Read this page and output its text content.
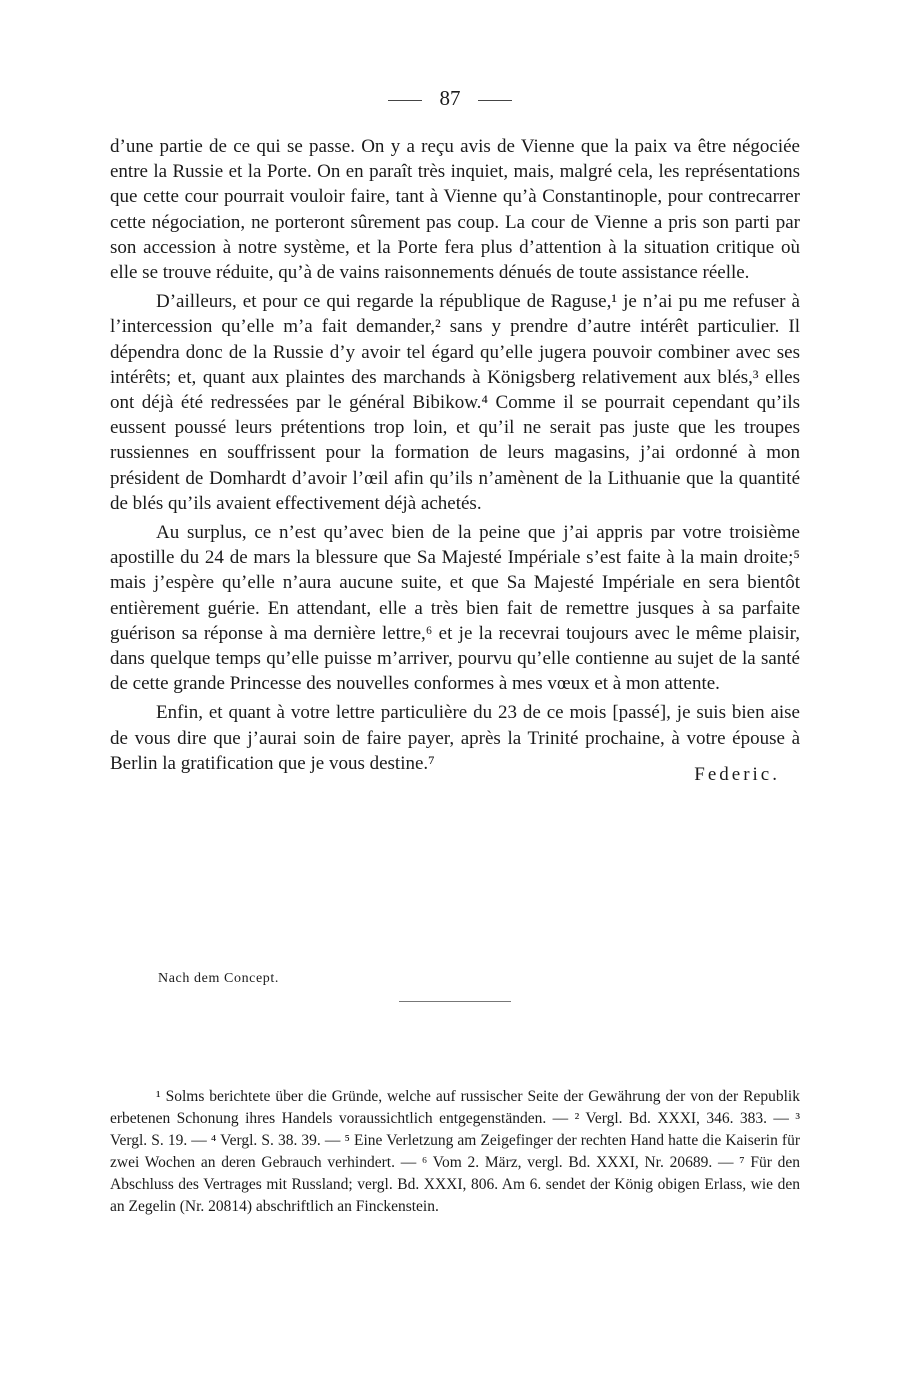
87

d’une partie de ce qui se passe. On y a reçu avis de Vienne que la paix va être négociée entre la Russie et la Porte. On en paraît très inquiet, mais, malgré cela, les représentations que cette cour pourrait vouloir faire, tant à Vienne qu’à Constantinople, pour contrecarrer cette négociation, ne porteront sûrement pas coup. La cour de Vienne a pris son parti par son accession à notre système, et la Porte fera plus d’attention à la situation critique où elle se trouve réduite, qu’à de vains raisonnements dénués de toute assistance réelle.

D’ailleurs, et pour ce qui regarde la république de Raguse,¹ je n’ai pu me refuser à l’intercession qu’elle m’a fait demander,² sans y prendre d’autre intérêt particulier. Il dépendra donc de la Russie d’y avoir tel égard qu’elle jugera pouvoir combiner avec ses intérêts; et, quant aux plaintes des marchands à Königsberg relativement aux blés,³ elles ont déjà été redressées par le général Bibikow.⁴ Comme il se pourrait cependant qu’ils eussent poussé leurs prétentions trop loin, et qu’il ne serait pas juste que les troupes russiennes en souffrissent pour la formation de leurs magasins, j’ai ordonné à mon président de Domhardt d’avoir l’œil afin qu’ils n’amènent de la Lithuanie que la quantité de blés qu’ils avaient effectivement déjà achetés.

Au surplus, ce n’est qu’avec bien de la peine que j’ai appris par votre troisième apostille du 24 de mars la blessure que Sa Majesté Impériale s’est faite à la main droite;⁵ mais j’espère qu’elle n’aura aucune suite, et que Sa Majesté Impériale en sera bientôt entièrement guérie. En attendant, elle a très bien fait de remettre jusques à sa parfaite guérison sa réponse à ma dernière lettre,⁶ et je la recevrai toujours avec le même plaisir, dans quelque temps qu’elle puisse m’arriver, pourvu qu’elle contienne au sujet de la santé de cette grande Princesse des nouvelles conformes à mes vœux et à mon attente.

Enfin, et quant à votre lettre particulière du 23 de ce mois [passé], je suis bien aise de vous dire que j’aurai soin de faire payer, après la Trinité prochaine, à votre épouse à Berlin la gratification que je vous destine.⁷

Federic.
Nach dem Concept.

¹ Solms berichtete über die Gründe, welche auf russischer Seite der Gewährung der von der Republik erbetenen Schonung ihres Handels voraussichtlich entgegenständen. — ² Vergl. Bd. XXXI, 346. 383. — ³ Vergl. S. 19. — ⁴ Vergl. S. 38. 39. — ⁵ Eine Verletzung am Zeigefinger der rechten Hand hatte die Kaiserin für zwei Wochen an deren Gebrauch verhindert. — ⁶ Vom 2. März, vergl. Bd. XXXI, Nr. 20689. — ⁷ Für den Abschluss des Vertrages mit Russland; vergl. Bd. XXXI, 806. Am 6. sendet der König obigen Erlass, wie den an Zegelin (Nr. 20814) abschriftlich an Finckenstein.
